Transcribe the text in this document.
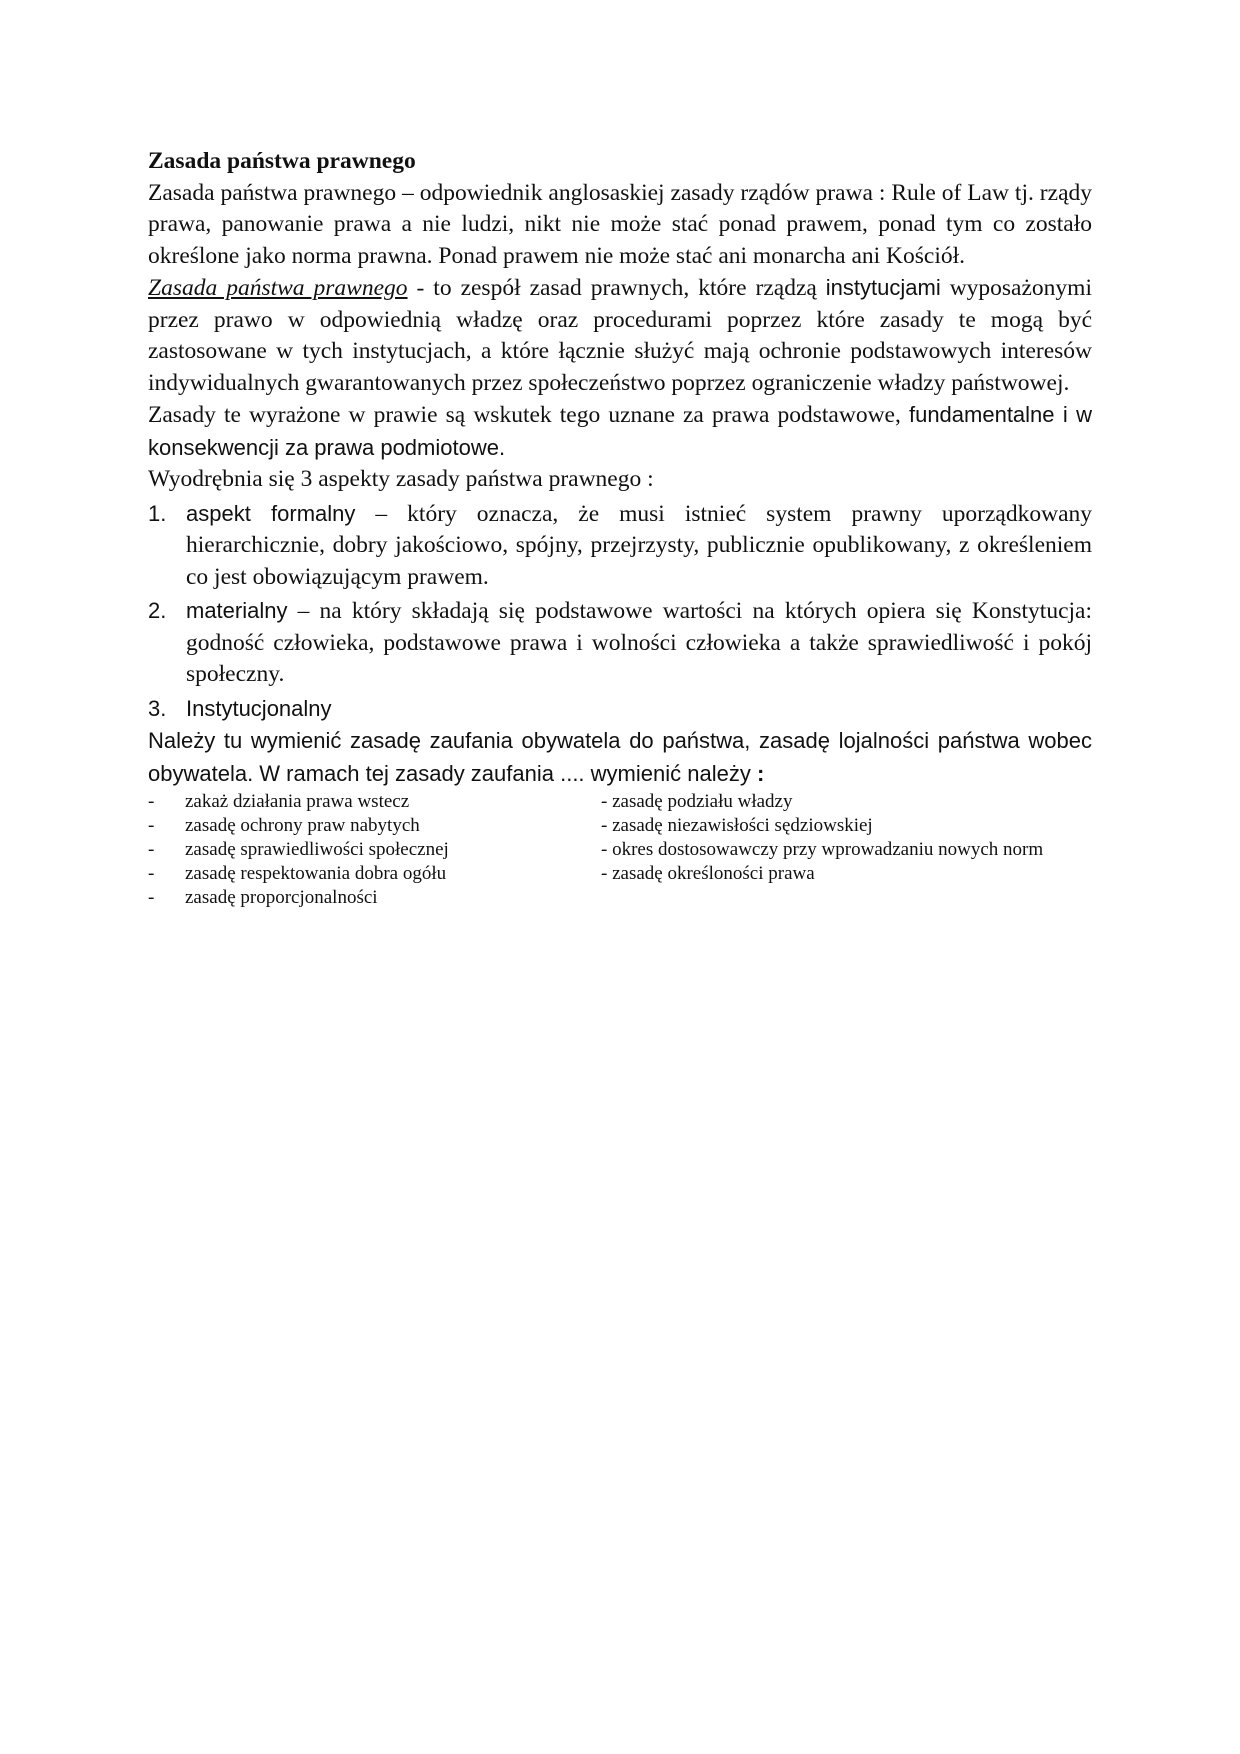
Zasada państwa prawnego

Zasada państwa prawnego – odpowiednik anglosaskiej zasady rządów prawa : Rule of Law tj. rządy prawa, panowanie prawa a nie ludzi, nikt nie może stać ponad prawem, ponad tym co zostało określone jako norma prawna. Ponad prawem nie może stać ani monarcha ani Kościół.

Zasada państwa prawnego - to zespół zasad prawnych, które rządzą instytucjami wyposażonymi przez prawo w odpowiednią władzę oraz procedurami poprzez które zasady te mogą być zastosowane w tych instytucjach, a które łącznie służyć mają ochronie podstawowych interesów indywidualnych gwarantowanych przez społeczeństwo poprzez ograniczenie władzy państwowej.

Zasady te wyrażone w prawie są wskutek tego uznane za prawa podstawowe, fundamentalne i w konsekwencji za prawa podmiotowe.

Wyodrębnia się 3 aspekty zasady państwa prawnego :

1. aspekt formalny – który oznacza, że musi istnieć system prawny uporządkowany hierarchicznie, dobry jakościowo, spójny, przejrzysty, publicznie opublikowany, z określeniem co jest obowiązującym prawem.
2. materialny – na który składają się podstawowe wartości na których opiera się Konstytucja: godność człowieka, podstawowe prawa i wolności człowieka a także sprawiedliwość i pokój społeczny.
3. Instytucjonalny

Należy tu wymienić zasadę zaufania obywatela do państwa, zasadę lojalności państwa wobec obywatela. W ramach tej zasady zaufania .... wymienić należy :

-	zakaż działania prawa wstecz	- zasadę podziału władzy
-	zasadę ochrony praw nabytych	- zasadę niezawisłości sędziowskiej
-	zasadę sprawiedliwości społecznej	- okres dostosowawczy przy wprowadzaniu nowych norm
-	zasadę respektowania dobra ogółu	- zasadę określoności prawa
-	zasadę proporcjonalności
